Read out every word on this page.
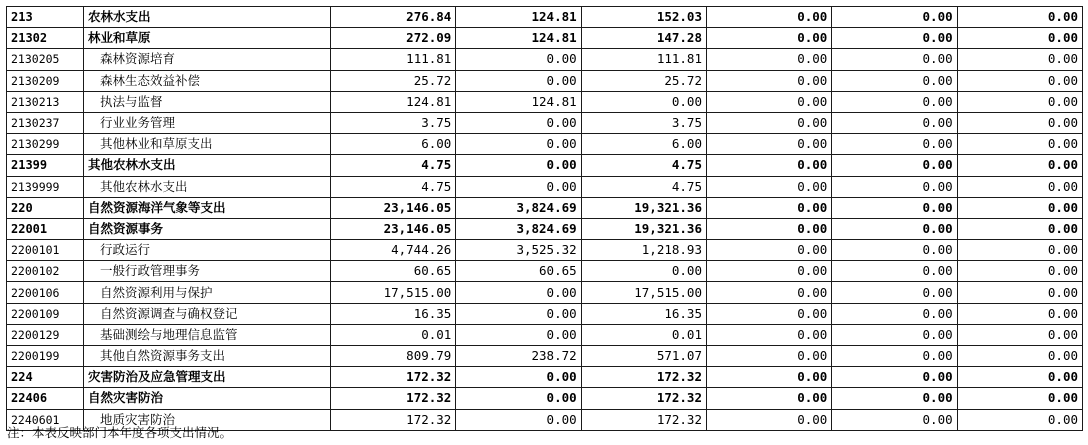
213	农林水支出	276.84	124.81	152.03	0.00	0.00	0.00
21302	林业和草原	272.09	124.81	147.28	0.00	0.00	0.00
2130205	森林资源培育	111.81	0.00	111.81	0.00	0.00	0.00
2130209	森林生态效益补偿	25.72	0.00	25.72	0.00	0.00	0.00
2130213	执法与监督	124.81	124.81	0.00	0.00	0.00	0.00
2130237	行业业务管理	3.75	0.00	3.75	0.00	0.00	0.00
2130299	其他林业和草原支出	6.00	0.00	6.00	0.00	0.00	0.00
21399	其他农林水支出	4.75	0.00	4.75	0.00	0.00	0.00
2139999	其他农林水支出	4.75	0.00	4.75	0.00	0.00	0.00
220	自然资源海洋气象等支出	23,146.05	3,824.69	19,321.36	0.00	0.00	0.00
22001	自然资源事务	23,146.05	3,824.69	19,321.36	0.00	0.00	0.00
2200101	行政运行	4,744.26	3,525.32	1,218.93	0.00	0.00	0.00
2200102	一般行政管理事务	60.65	60.65	0.00	0.00	0.00	0.00
2200106	自然资源利用与保护	17,515.00	0.00	17,515.00	0.00	0.00	0.00
2200109	自然资源调查与确权登记	16.35	0.00	16.35	0.00	0.00	0.00
2200129	基础测绘与地理信息监管	0.01	0.00	0.01	0.00	0.00	0.00
2200199	其他自然资源事务支出	809.79	238.72	571.07	0.00	0.00	0.00
224	灾害防治及应急管理支出	172.32	0.00	172.32	0.00	0.00	0.00
22406	自然灾害防治	172.32	0.00	172.32	0.00	0.00	0.00
2240601	地质灾害防治	172.32	0.00	172.32	0.00	0.00	0.00
注：本表反映部门本年度各项支出情况。
